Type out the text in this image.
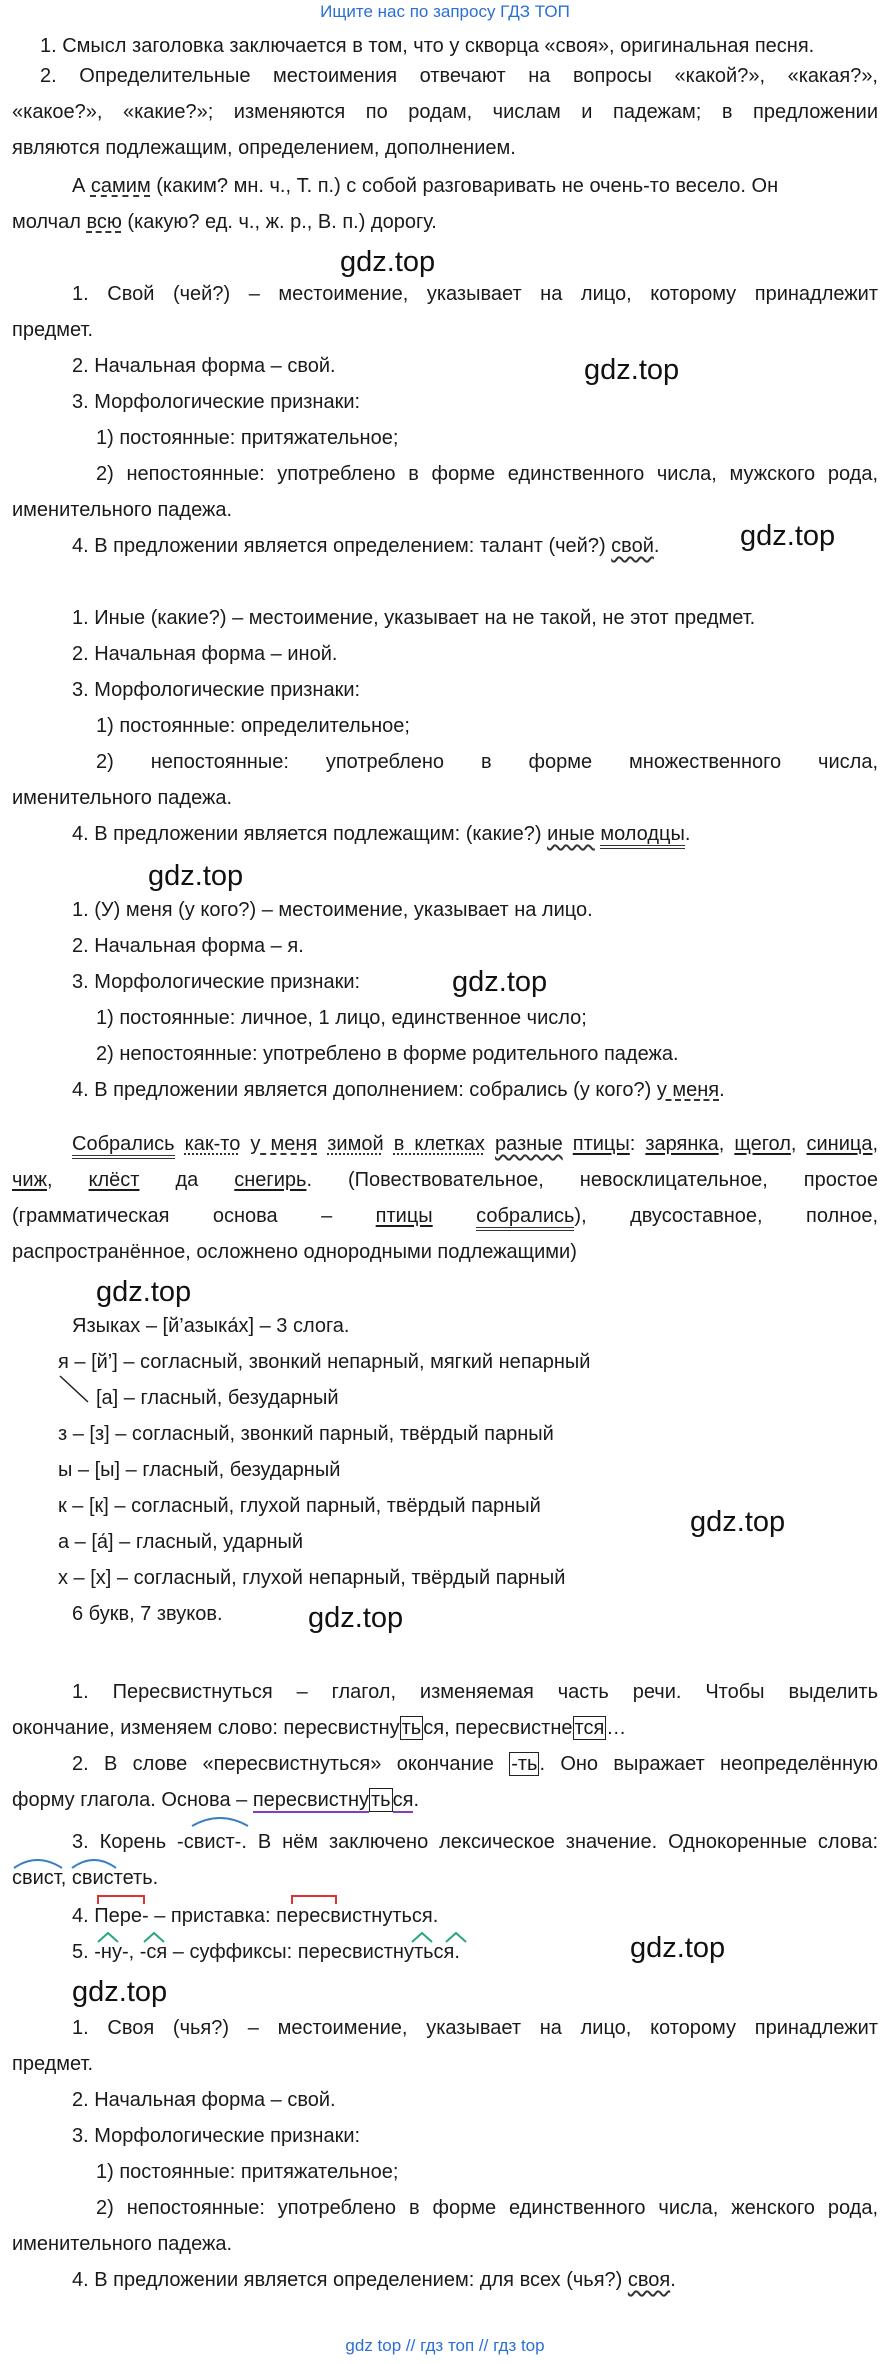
Ищите нас по запросу ГДЗ ТОП
1. Смысл заголовка заключается в том, что у скворца «своя», оригинальная песня.
2. Определительные местоимения отвечают на вопросы «какой?», «какая?»,
«какое?», «какие?»; изменяются по родам, числам и падежам; в предложении
являются подлежащим, определением, дополнением.
А самим (каким? мн. ч., Т. п.) с собой разговаривать не очень-то весело. Он
молчал всю (какую? ед. ч., ж. р., В. п.) дорогу.
gdz.top
1. Свой (чей?) – местоимение, указывает на лицо, которому принадлежит
предмет.
2. Начальная форма – свой.	gdz.top
3. Морфологические признаки:
1) постоянные: притяжательное;
2) непостоянные: употреблено в форме единственного числа, мужского рода,
именительного падежа.
4. В предложении является определением: талант (чей?) свой.	gdz.top
1. Иные (какие?) – местоимение, указывает на не такой, не этот предмет.
2. Начальная форма – иной.
3. Морфологические признаки:
1) постоянные: определительное;
2) непостоянные: употреблено в форме множественного числа,
именительного падежа.
4. В предложении является подлежащим: (какие?) иные молодцы.
gdz.top
1. (У) меня (у кого?) – местоимение, указывает на лицо.
2. Начальная форма – я.
gdz.top
3. Морфологические признаки:
1) постоянные: личное, 1 лицо, единственное число;
2) непостоянные: употреблено в форме родительного падежа.
4. В предложении является дополнением: собрались (у кого?) у меня.
Собрались как-то у меня зимой в клетках разные птицы: зарянка, щегол, синица,
чиж, клёст да снегирь. (Повествовательное, невосклицательное, простое
(грамматическая основа – птицы собрались), двусоставное, полное,
распространённое, осложнено однородными подлежащими)
gdz.top
Языках – [й’азыка́х] – 3 слога.
я – [й’] – согласный, звонкий непарный, мягкий непарный
[а] – гласный, безударный
з – [з] – согласный, звонкий парный, твёрдый парный
ы – [ы] – гласный, безударный
к – [к] – согласный, глухой парный, твёрдый парный
а – [а́] – гласный, ударный
gdz.top
х – [х] – согласный, глухой непарный, твёрдый парный
6 букв, 7 звуков.	gdz.top
1. Пересвистнуться – глагол, изменяемая часть речи. Чтобы выделить
окончание, изменяем слово: пересвистну ть ся, пересвистне тся …
2. В слове «пересвистнуться» окончание -ть . Оно выражает неопределённую
форму глагола. Основа – пересвистну ть ся.
3. Корень -свист-. В нём заключено лексическое значение. Однокоренные слова:
свист, свистеть.
4. Пере- – приставка: пересвистнуться.
5. -ну-, -ся – суффиксы: пересвистнуться.	gdz.top
gdz.top
1. Своя (чья?) – местоимение, указывает на лицо, которому принадлежит
предмет.
2. Начальная форма – свой.
3. Морфологические признаки:
1) постоянные: притяжательное;
2) непостоянные: употреблено в форме единственного числа, женского рода,
именительного падежа.
4. В предложении является определением: для всех (чья?) своя.
gdz top // гдз топ // гдз top
